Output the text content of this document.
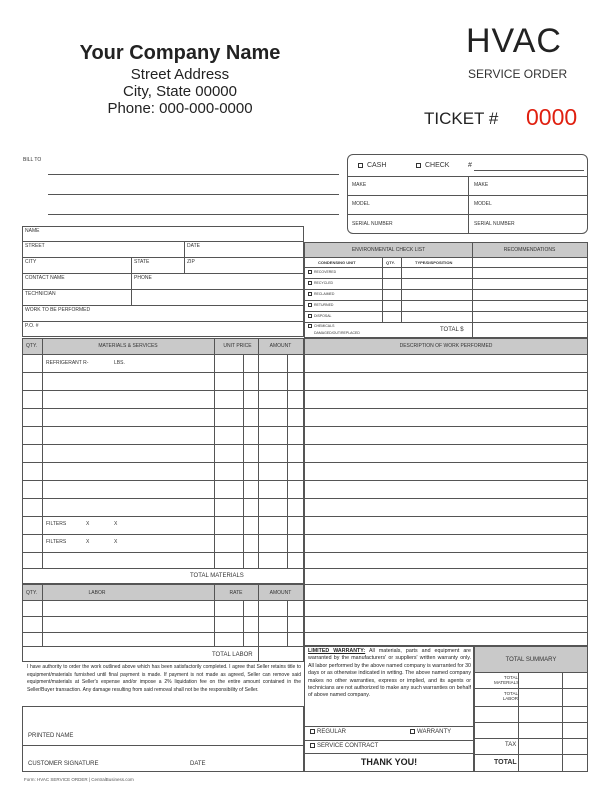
Your Company Name
Street Address
City, State 00000
Phone: 000-000-0000
HVAC
SERVICE ORDER
TICKET # 0000
BILL TO
CASH	CHECK	#
MAKE	MAKE
MODEL	MODEL
SERIAL NUMBER	SERIAL NUMBER
NAME
STREET	DATE
CITY	STATE	ZIP
CONTACT NAME	PHONE
TECHNICIAN
WORK TO BE PERFORMED
P.O. #
ENVIRONMENTAL CHECK LIST	RECOMMENDATIONS
CONDENSING UNIT	QTY.	TYPE/DISPOSITION
RECOVERED
RECYCLED
RECLAIMED
RETURNED
DISPOSAL
CHEMICALS
DAMAGED/OUT/REPLACED	TOTAL $
QTY.	MATERIALS & SERVICES	UNIT PRICE	AMOUNT
REFRIGERANT R-	LBS.
FILTERS	X	X
FILTERS	X	X
TOTAL MATERIALS
DESCRIPTION OF WORK PERFORMED
QTY.	LABOR	RATE	AMOUNT
TOTAL LABOR
I have authority to order the work outlined above which has been satisfactorily completed. I agree that Seller retains title to equipment/materials furnished until final payment is made. If payment is not made as agreed, Seller can remove said equipment/materials at Seller's expense and/or impose a 2% liquidation fee on the entire amount contained in the Seller/Buyer transaction. Any damage resulting from said removal shall not be the responsibility of Seller.
PRINTED NAME
CUSTOMER SIGNATURE	DATE
LIMITED WARRANTY: All materials, parts and equipment are warranted by the manufacturers' or suppliers' written warranty only. All labor performed by the above named company is warranted for 30 days or as otherwise indicated in writing. The above named company makes no other warranties, express or implied, and its agents or technicians are not authorized to make any such warranties on behalf of above named company.
REGULAR	WARRANTY
SERVICE CONTRACT
THANK YOU!
TOTAL SUMMARY
TOTAL MATERIALS
TOTAL LABOR
TAX
TOTAL
Form: HVAC SERVICE ORDER | CentralBusiness.com
